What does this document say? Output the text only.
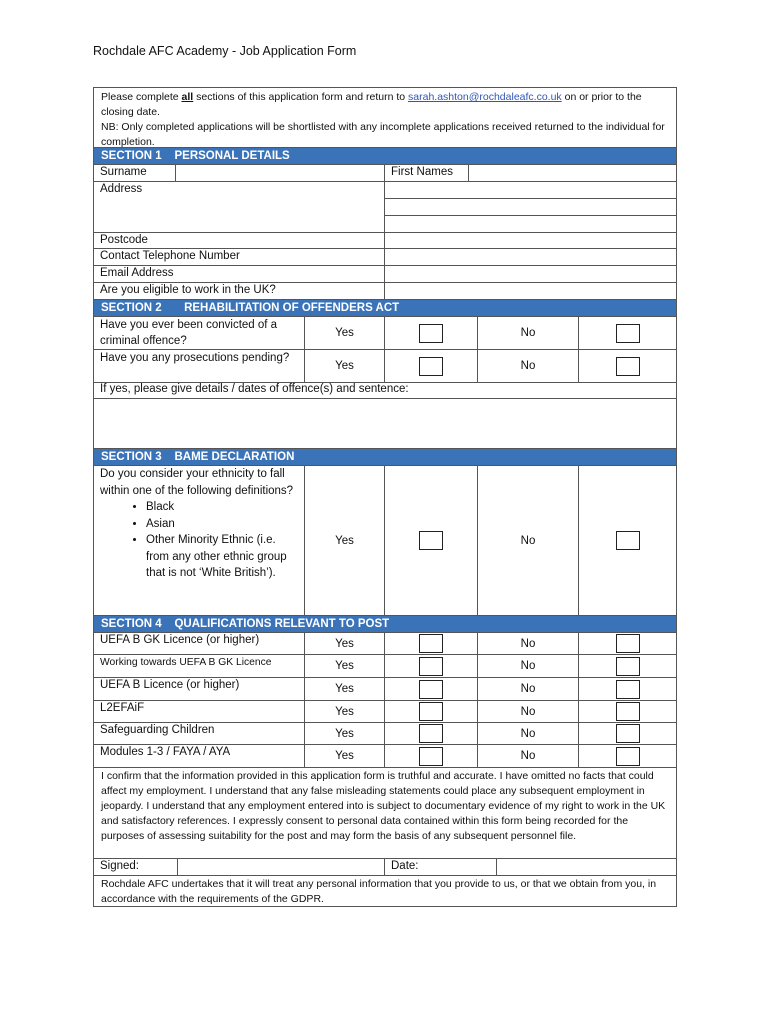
Rochdale AFC Academy - Job Application Form
Please complete all sections of this application form and return to sarah.ashton@rochdaleafc.co.uk on or prior to the closing date.
NB: Only completed applications will be shortlisted with any incomplete applications received returned to the individual for completion.
SECTION 1    PERSONAL DETAILS
Surname	First Names
Address
Postcode
Contact Telephone Number
Email Address
Are you eligible to work in the UK?
SECTION 2       REHABILITATION OF OFFENDERS ACT
Have you ever been convicted of a criminal offence?
Yes	No
Have you any prosecutions pending?
Yes	No
If yes, please give details / dates of offence(s) and sentence:
SECTION 3    BAME DECLARATION
Do you consider your ethnicity to fall within one of the following definitions?
• Black
• Asian
• Other Minority Ethnic (i.e. from any other ethnic group that is not ‘White British’).
Yes	No
SECTION 4    QUALIFICATIONS RELEVANT TO POST
UEFA B GK Licence (or higher)	Yes	No
Working towards UEFA B GK Licence	Yes	No
UEFA B Licence (or higher)	Yes	No
L2EFAiF	Yes	No
Safeguarding Children	Yes	No
Modules 1-3 / FAYA / AYA	Yes	No
I confirm that the information provided in this application form is truthful and accurate. I have omitted no facts that could affect my employment. I understand that any false misleading statements could place any subsequent employment in jeopardy. I understand that any employment entered into is subject to documentary evidence of my right to work in the UK and satisfactory references. I expressly consent to personal data contained within this form being recorded for the purposes of assessing suitability for the post and may form the basis of any subsequent personnel file.
Signed:	Date:
Rochdale AFC undertakes that it will treat any personal information that you provide to us, or that we obtain from you, in accordance with the requirements of the GDPR.
